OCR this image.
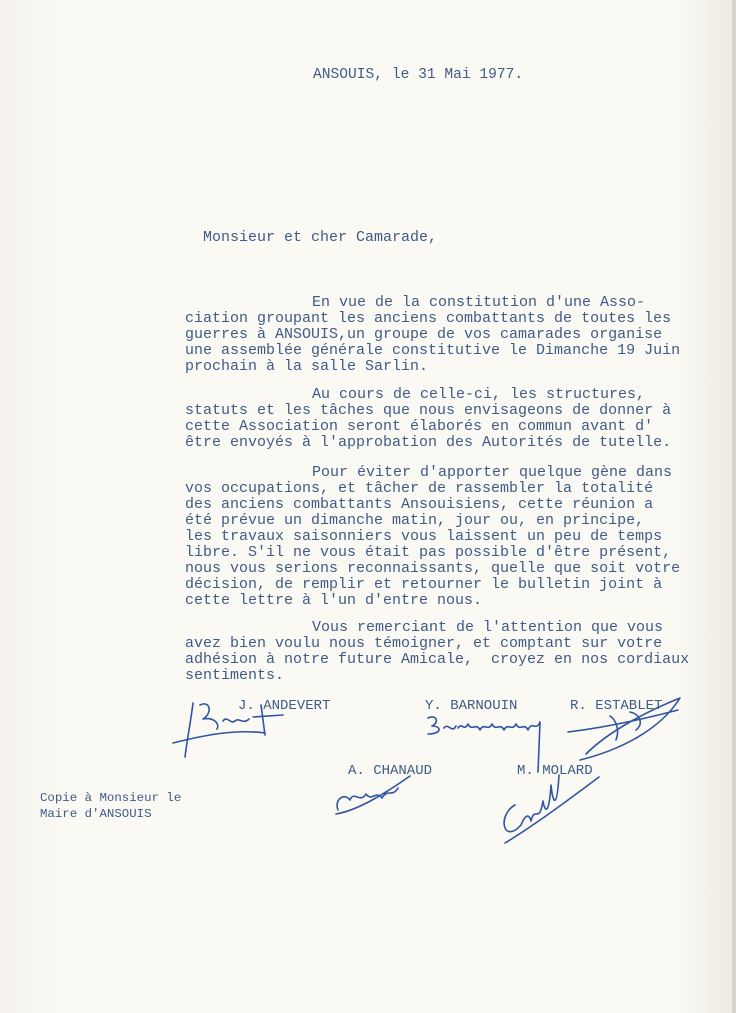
ANSOUIS, le 31 Mai 1977.
Monsieur et cher Camarade,
En vue de la constitution d'une Asso-
ciation groupant les anciens combattants de toutes les
guerres à ANSOUIS,un groupe de vos camarades organise
une assemblée générale constitutive le Dimanche 19 Juin
prochain à la salle Sarlin.
Au cours de celle-ci, les structures,
statuts et les tâches que nous envisageons de donner à
cette Association seront élaborés en commun avant d'
être envoyés à l'approbation des Autorités de tutelle.
Pour éviter d'apporter quelque gène dans
vos occupations, et tâcher de rassembler la totalité
des anciens combattants Ansouisiens, cette réunion a
été prévue un dimanche matin, jour ou, en principe,
les travaux saisonniers vous laissent un peu de temps
libre. S'il ne vous était pas possible d'être présent,
nous vous serions reconnaissants, quelle que soit votre
décision, de remplir et retourner le bulletin joint à
cette lettre à l'un d'entre nous.
Vous remerciant de l'attention que vous
avez bien voulu nous témoigner, et comptant sur votre
adhésion à notre future Amicale,  croyez en nos cordiaux
sentiments.
J. ANDEVERT	Y. BARNOUIN	R. ESTABLET
A. CHANAUD	M. MOLARD
Copie à Monsieur le
Maire d'ANSOUIS
